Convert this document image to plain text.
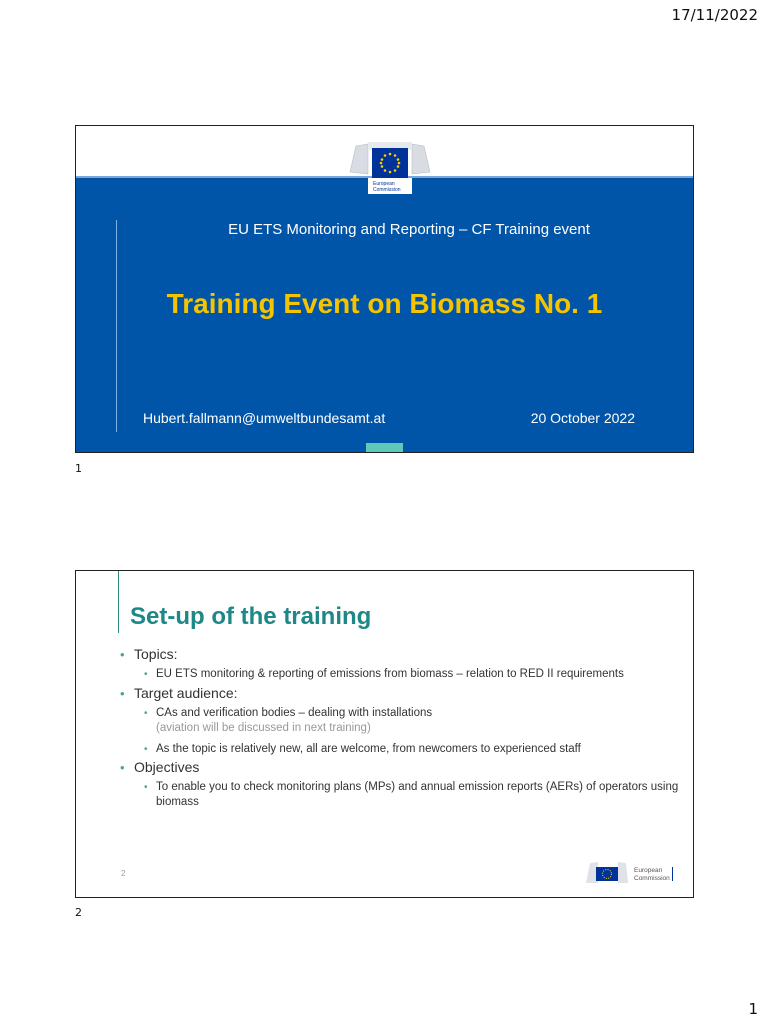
17/11/2022
European
Commission
EU ETS Monitoring and Reporting – CF Training event
Training Event on Biomass No. 1
Hubert.fallmann@umweltbundesamt.at	20 October 2022
1
Set-up of the training
• Topics:
• EU ETS monitoring & reporting of emissions from biomass – relation to RED II requirements
• Target audience:
• CAs and verification bodies – dealing with installations
(aviation will be discussed in next training)
• As the topic is relatively new, all are welcome, from newcomers to experienced staff
• Objectives
• To enable you to check monitoring plans (MPs) and annual emission reports (AERs) of operators using biomass
2	European
Commission
2
1
